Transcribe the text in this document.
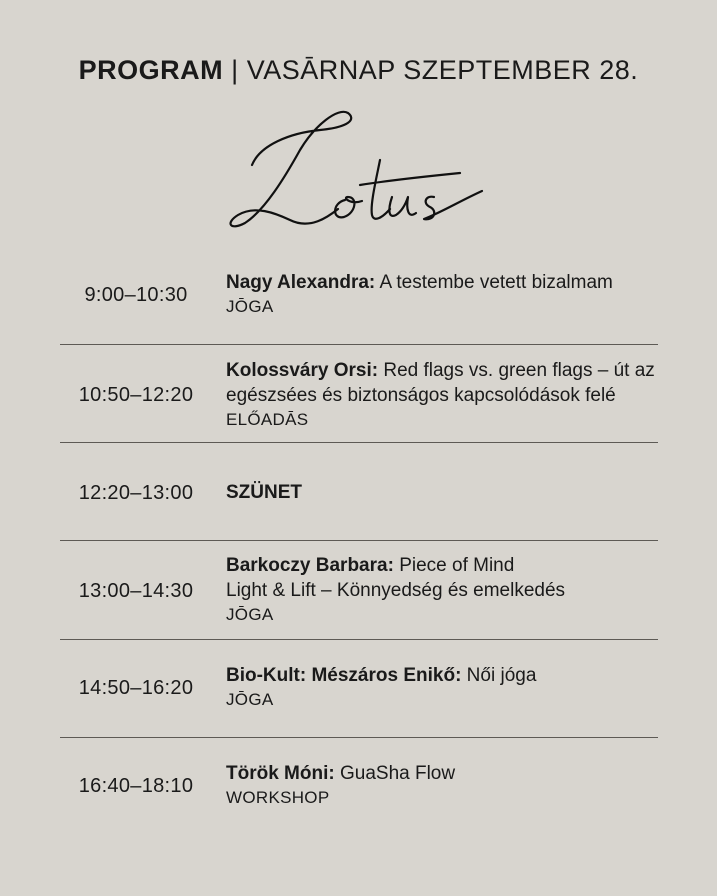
PROGRAM | VASĀRNAP SZEPTEMBER 28.
9:00–10:30
Nagy Alexandra: A testembe vetett bizalmam
JŌGA
10:50–12:20
Kolossváry Orsi: Red flags vs. green flags – út az egészsées és biztonságos kapcsolódások felé
ELŐADĀS
12:20–13:00	SZÜNET
13:00–14:30
Barkoczy Barbara: Piece of Mind
Light & Lift – Könnyedség és emelkedés
JŌGA
14:50–16:20
Bio-Kult: Mészáros Enikő: Női jóga
JŌGA
16:40–18:10
Török Móni: GuaSha Flow
WORKSHOP
